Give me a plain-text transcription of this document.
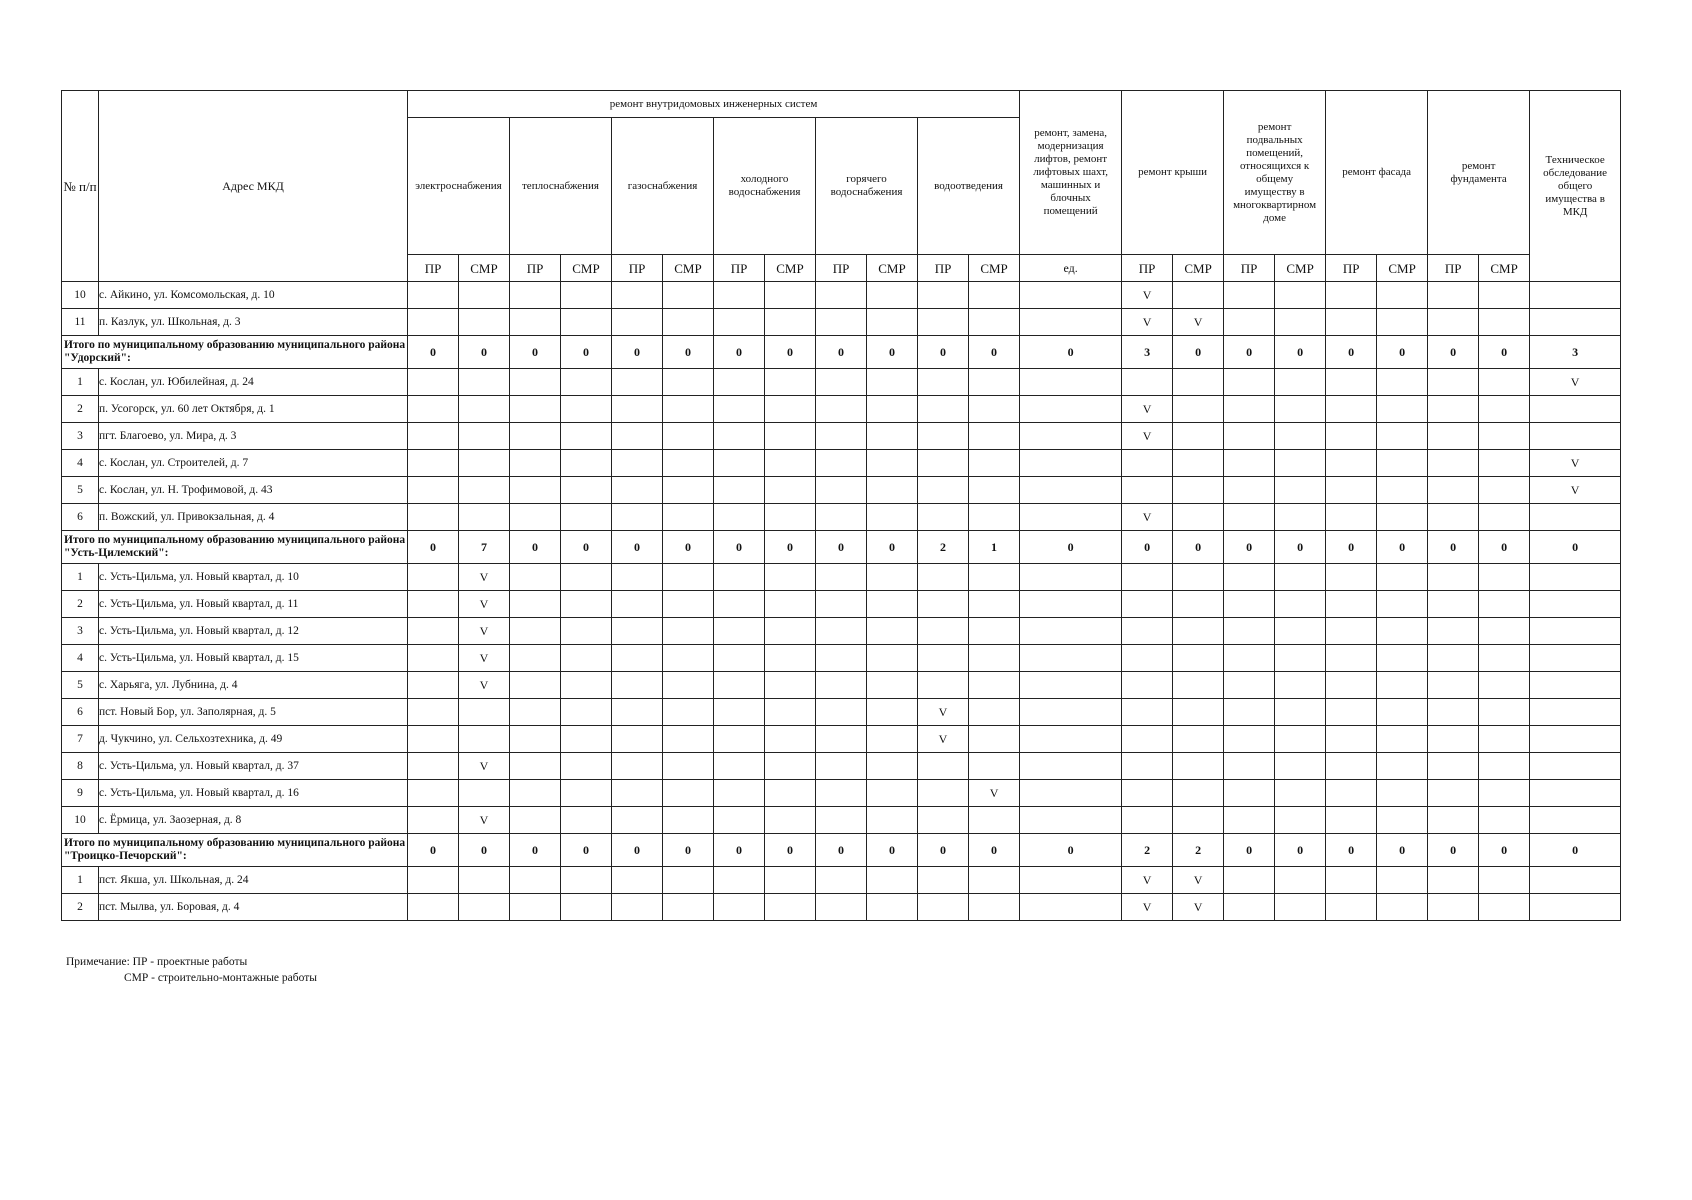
№ п/п	Адрес МКД	ремонт внутридомовых инженерных систем												ремонт, замена, модернизация лифтов, ремонт лифтовых шахт, машинных и блочных помещений	ремонт крыши		ремонт подвальных помещений, относящихся к общему имуществу в многоквартирном доме		ремонт фасада		ремонт фундамента		Техническое обследование общего имущества в МКД
		электроснабжения		теплоснабжения		газоснабжения		холодного водоснабжения		горячего водоснабжения		водоотведения											
		ПР	СМР	ПР	СМР	ПР	СМР	ПР	СМР	ПР	СМР	ПР	СМР	ед.	ПР	СМР	ПР	СМР	ПР	СМР	ПР	СМР	
10	с. Айкино, ул. Комсомольская, д. 10														V								
11	п. Казлук, ул. Школьная, д. 3														V	V							
Итого по муниципальному образованию муниципального района "Удорский":		0	0	0	0	0	0	0	0	0	0	0	0	0	3	0	0	0	0	0	0	0	3
1	с. Кослан, ул. Юбилейная, д. 24																						V
2	п. Усогорск, ул. 60 лет Октября, д. 1														V								
3	пгт. Благоево, ул. Мира, д. 3														V								
4	с. Кослан, ул. Строителей, д. 7																						V
5	с. Кослан, ул. Н. Трофимовой, д. 43																						V
6	п. Вожский, ул. Привокзальная, д. 4														V								
Итого по муниципальному образованию муниципального района "Усть-Цилемский":		0	7	0	0	0	0	0	0	0	0	2	1	0	0	0	0	0	0	0	0	0	0
1	с. Усть-Цильма, ул. Новый квартал, д. 10		V																				
2	с. Усть-Цильма, ул. Новый квартал, д. 11		V																				
3	с. Усть-Цильма, ул. Новый квартал, д. 12		V																				
4	с. Усть-Цильма, ул. Новый квартал, д. 15		V																				
5	с. Харьяга, ул. Лубнина, д. 4		V																				
6	пст. Новый Бор, ул. Заполярная, д. 5											V											
7	д. Чукчино, ул. Сельхозтехника, д. 49											V											
8	с. Усть-Цильма, ул. Новый квартал, д. 37		V																				
9	с. Усть-Цильма, ул. Новый квартал, д. 16												V										
10	с. Ёрмица, ул. Заозерная, д. 8		V																				
Итого по муниципальному образованию муниципального района "Троицко-Печорский":		0	0	0	0	0	0	0	0	0	0	0	0	0	2	2	0	0	0	0	0	0	0
1	пст. Якша, ул. Школьная, д. 24														V	V							
2	пст. Мылва, ул. Боровая, д. 4														V	V							
Примечание: ПР - проектные работы
СМР - строительно-монтажные работы
